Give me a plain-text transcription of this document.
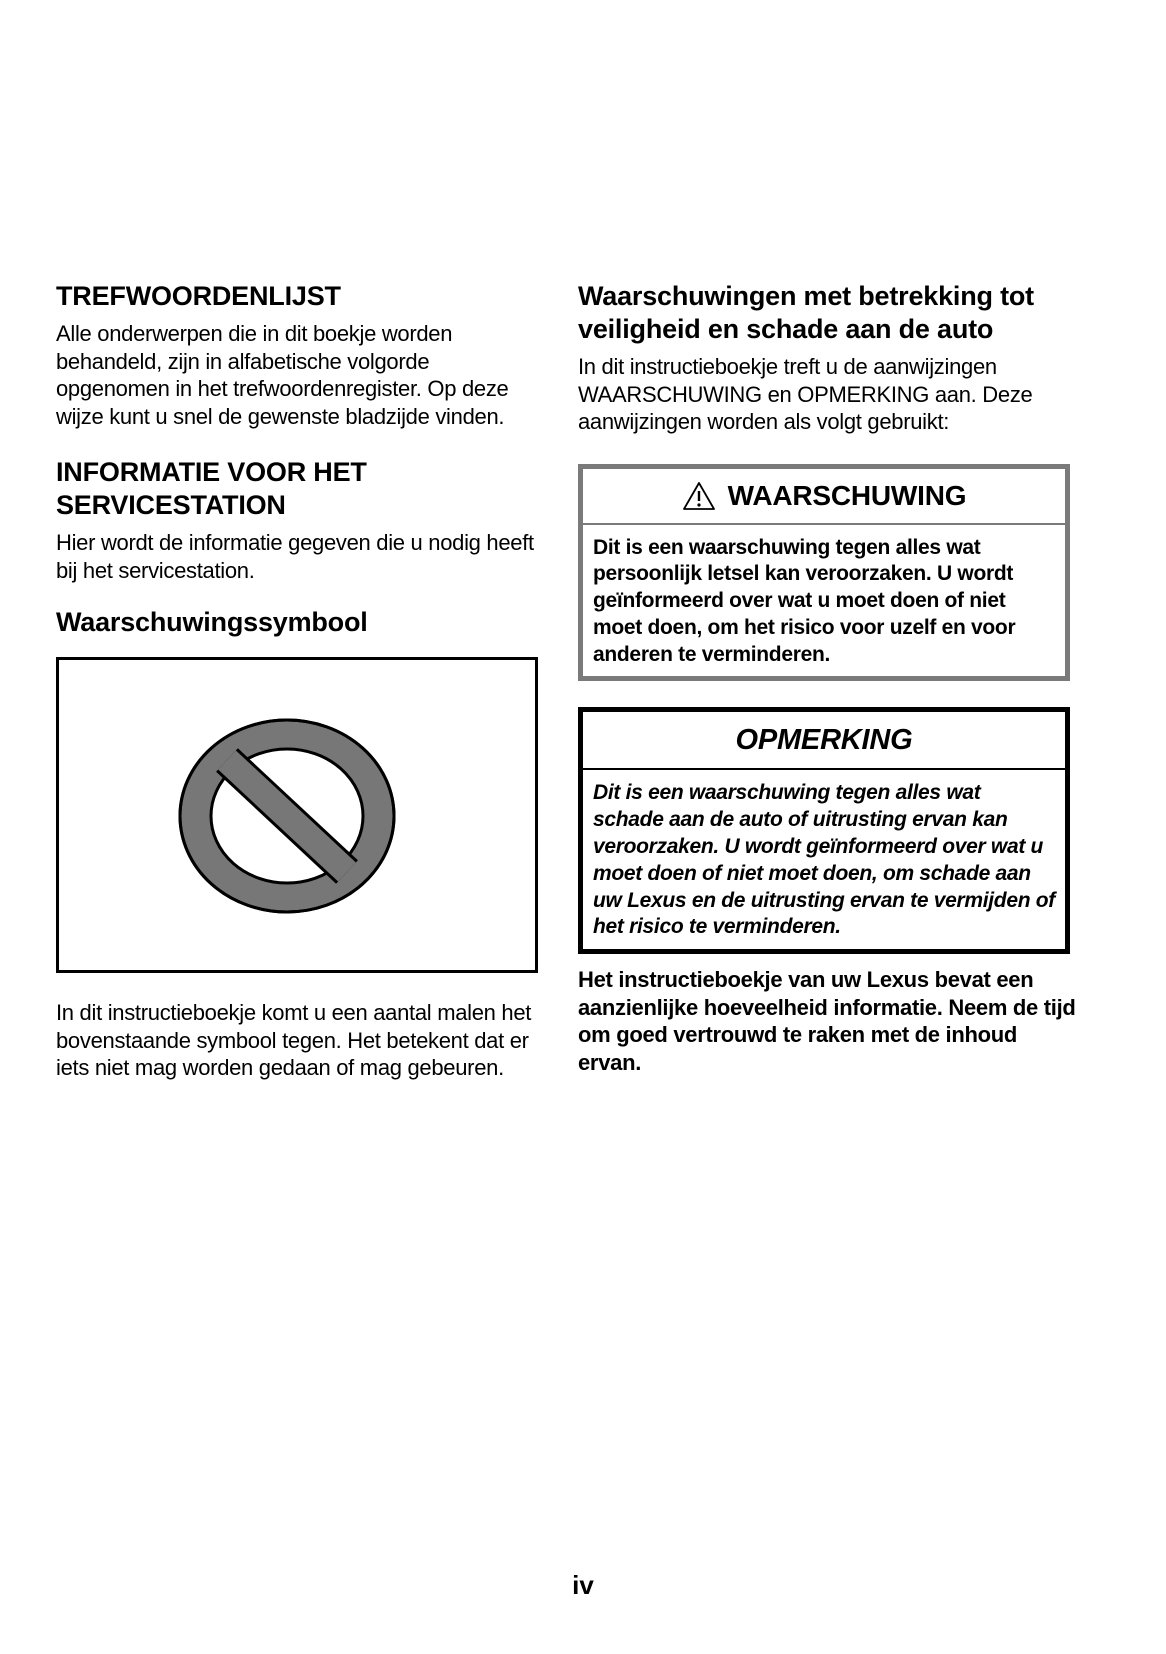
TREFWOORDENLIJST

Alle onderwerpen die in dit boekje worden behandeld, zijn in alfabetische volgorde opgenomen in het trefwoordenregister. Op deze wijze kunt u snel de gewenste bladzijde vinden.

INFORMATIE VOOR HET SERVICESTATION

Hier wordt de informatie gegeven die u nodig heeft bij het servicestation.

Waarschuwingssymbool

In dit instructieboekje komt u een aantal malen het bovenstaande symbool tegen. Het betekent dat er iets niet mag worden gedaan of mag gebeuren.

Waarschuwingen met betrekking tot veiligheid en schade aan de auto

In dit instructieboekje treft u de aanwijzingen WAARSCHUWING en OPMERKING aan. Deze aanwijzingen worden als volgt gebruikt:

WAARSCHUWING
Dit is een waarschuwing tegen alles wat persoonlijk letsel kan veroorzaken. U wordt geïnformeerd over wat u moet doen of niet moet doen, om het risico voor uzelf en voor anderen te verminderen.
OPMERKING
Dit is een waarschuwing tegen alles wat schade aan de auto of uitrusting ervan kan veroorzaken. U wordt geïnformeerd over wat u moet doen of niet moet doen, om schade aan uw Lexus en de uitrusting ervan te vermijden of het risico te verminderen.

Het instructieboekje van uw Lexus bevat een aanzienlijke hoeveelheid informatie. Neem de tijd om goed vertrouwd te raken met de inhoud ervan.

iv
